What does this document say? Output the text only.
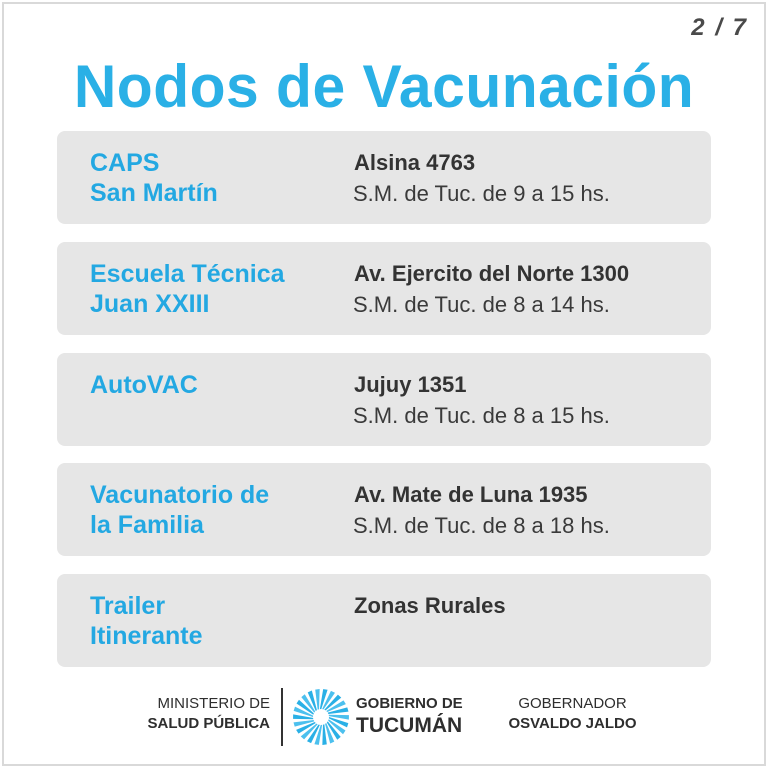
2 / 7
Nodos de Vacunación
CAPS
San Martín
Alsina 4763
S.M. de Tuc. de 9 a 15 hs.
Escuela Técnica
Juan XXIII
Av. Ejercito del Norte 1300
S.M. de Tuc. de 8 a 14 hs.
AutoVAC	Jujuy 1351
S.M. de Tuc. de 8 a 15 hs.
Vacunatorio de
la Familia
Av. Mate de Luna 1935
S.M. de Tuc. de 8 a 18 hs.
Trailer
Itinerante
Zonas Rurales
MINISTERIO DE
SALUD PÚBLICA
GOBIERNO DE
TUCUMÁN
GOBERNADOR
OSVALDO JALDO
